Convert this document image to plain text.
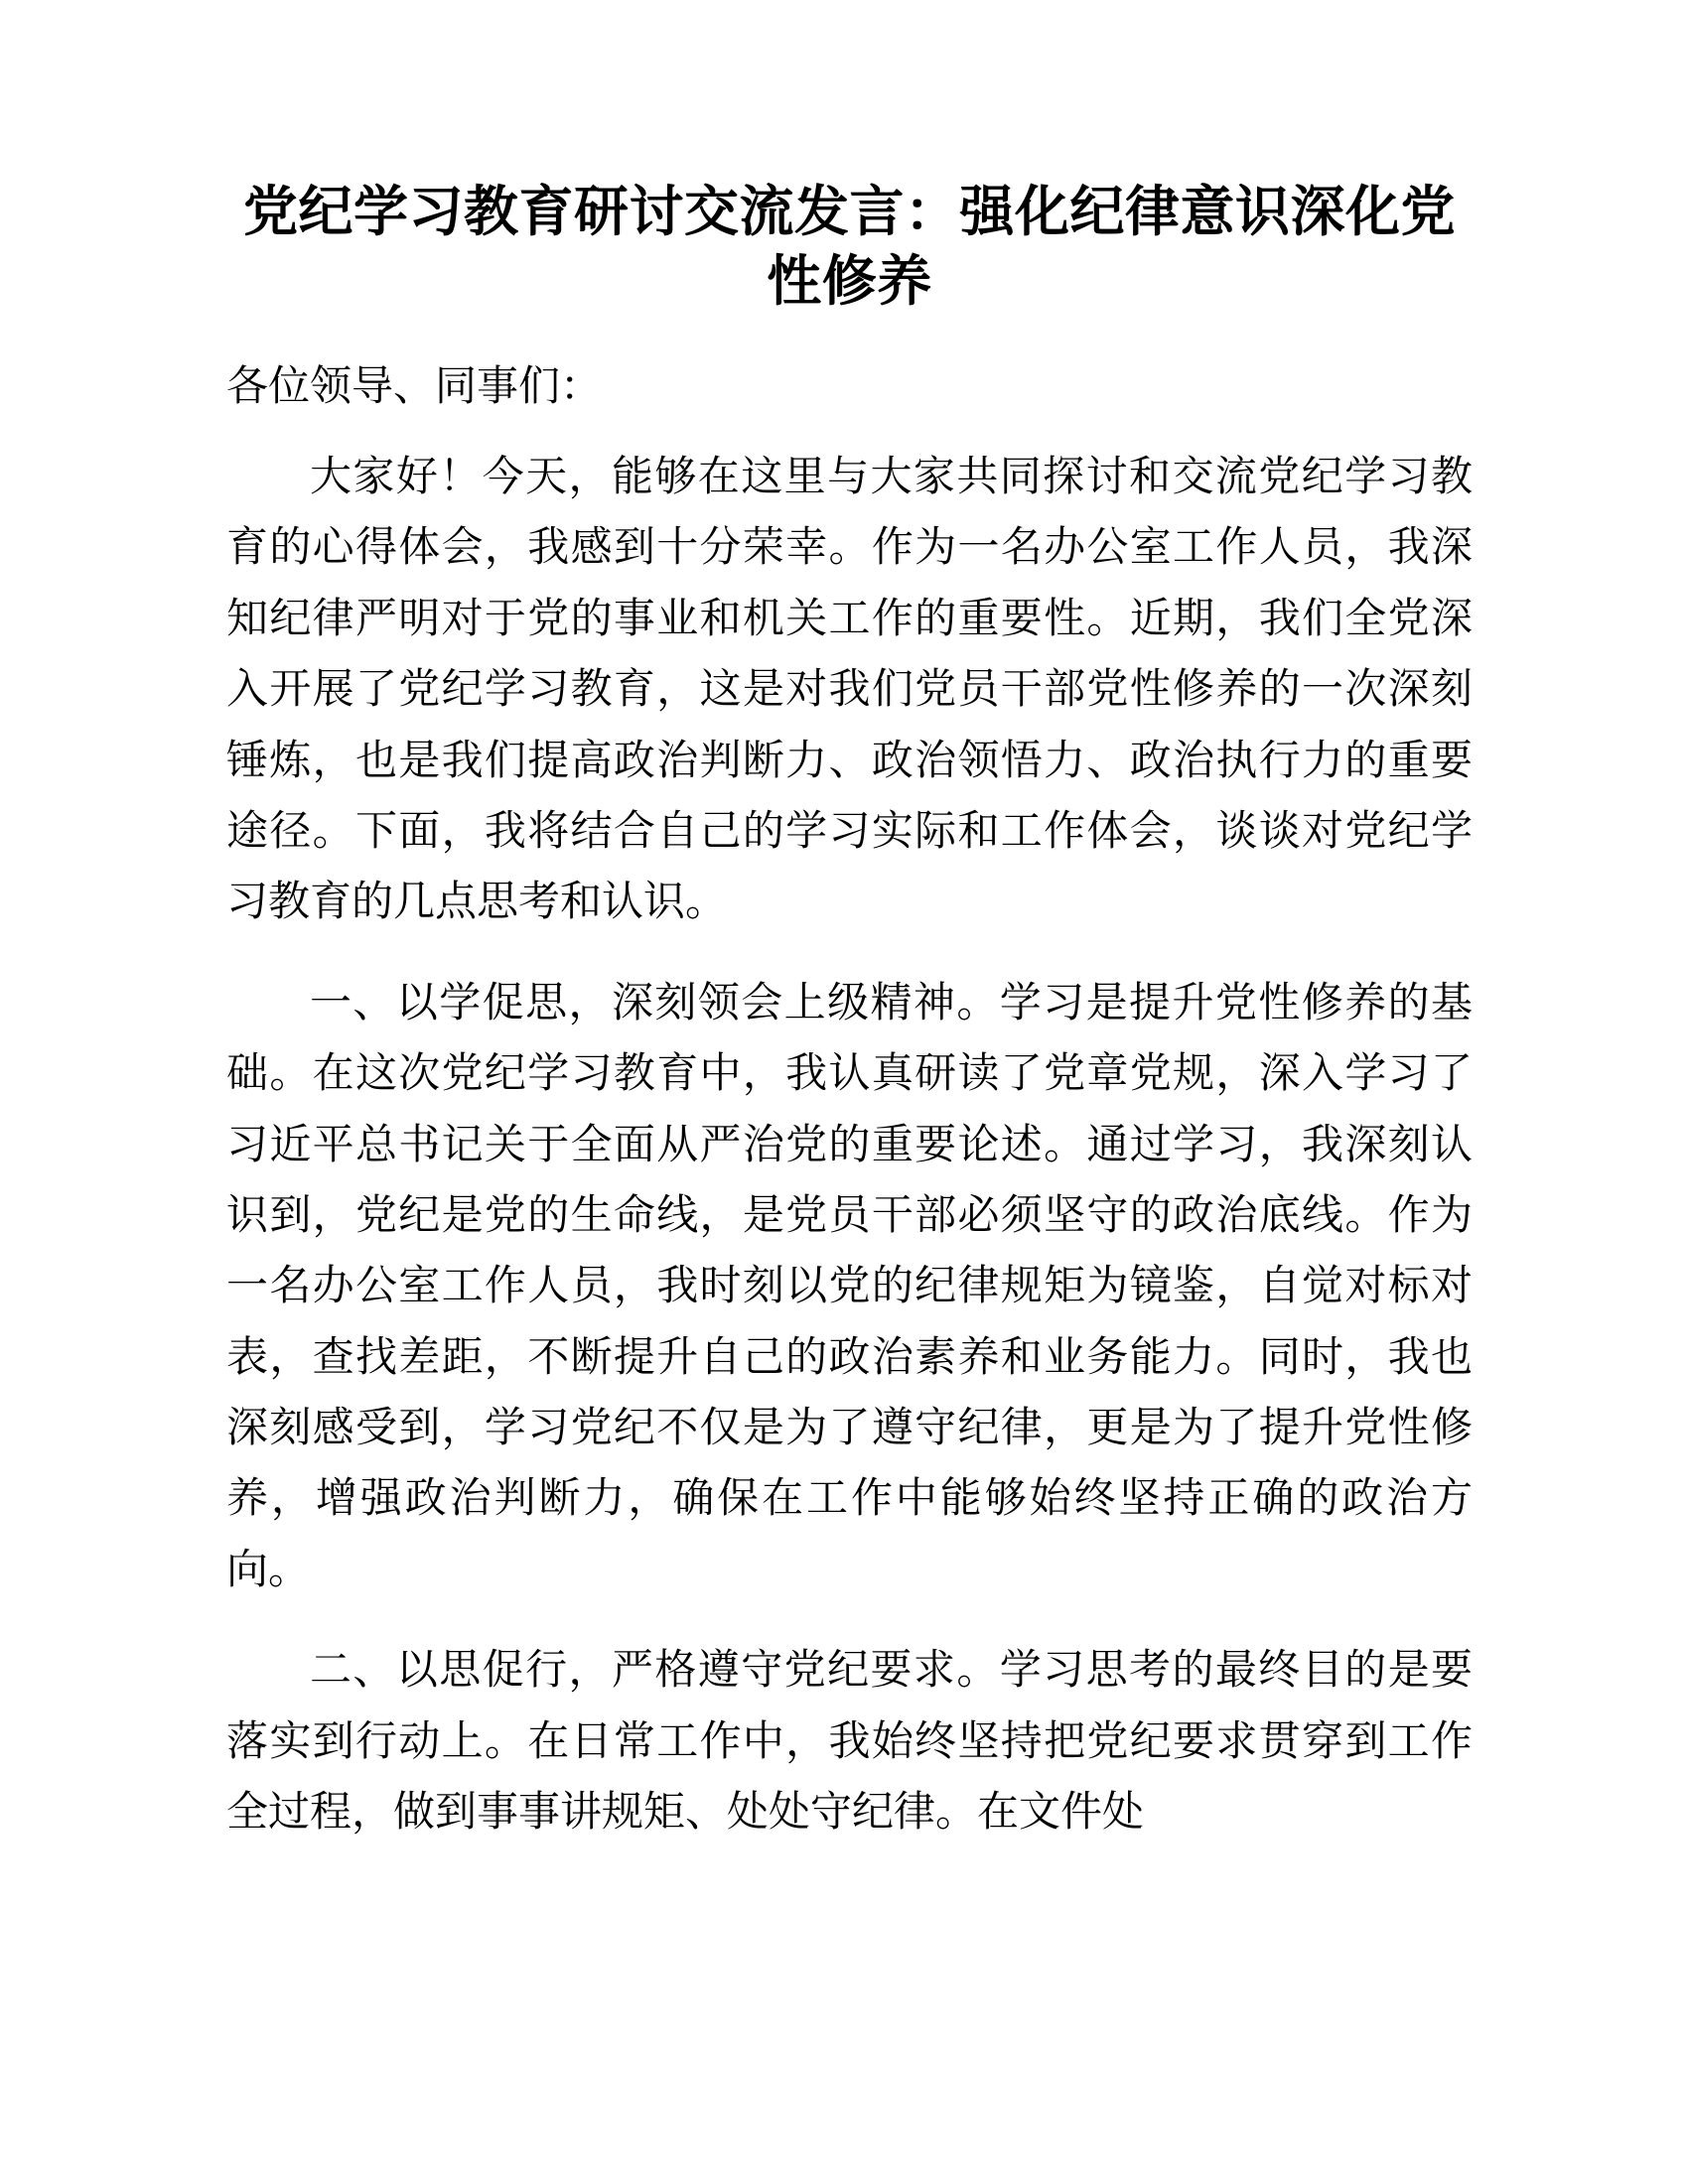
党纪学习教育研讨交流发言：强化纪律意识深化党性修养

各位领导、同事们：

大家好！今天，能够在这里与大家共同探讨和交流党纪学习教育的心得体会，我感到十分荣幸。作为一名办公室工作人员，我深知纪律严明对于党的事业和机关工作的重要性。近期，我们全党深入开展了党纪学习教育，这是对我们党员干部党性修养的一次深刻锤炼，也是我们提高政治判断力、政治领悟力、政治执行力的重要途径。下面，我将结合自己的学习实际和工作体会，谈谈对党纪学习教育的几点思考和认识。

一、以学促思，深刻领会上级精神。学习是提升党性修养的基础。在这次党纪学习教育中，我认真研读了党章党规，深入学习了习近平总书记关于全面从严治党的重要论述。通过学习，我深刻认识到，党纪是党的生命线，是党员干部必须坚守的政治底线。作为一名办公室工作人员，我时刻以党的纪律规矩为镜鉴，自觉对标对表，查找差距，不断提升自己的政治素养和业务能力。同时，我也深刻感受到，学习党纪不仅是为了遵守纪律，更是为了提升党性修养，增强政治判断力，确保在工作中能够始终坚持正确的政治方向。

二、以思促行，严格遵守党纪要求。学习思考的最终目的是要落实到行动上。在日常工作中，我始终坚持把党纪要求贯穿到工作全过程，做到事事讲规矩、处处守纪律。在文件处
